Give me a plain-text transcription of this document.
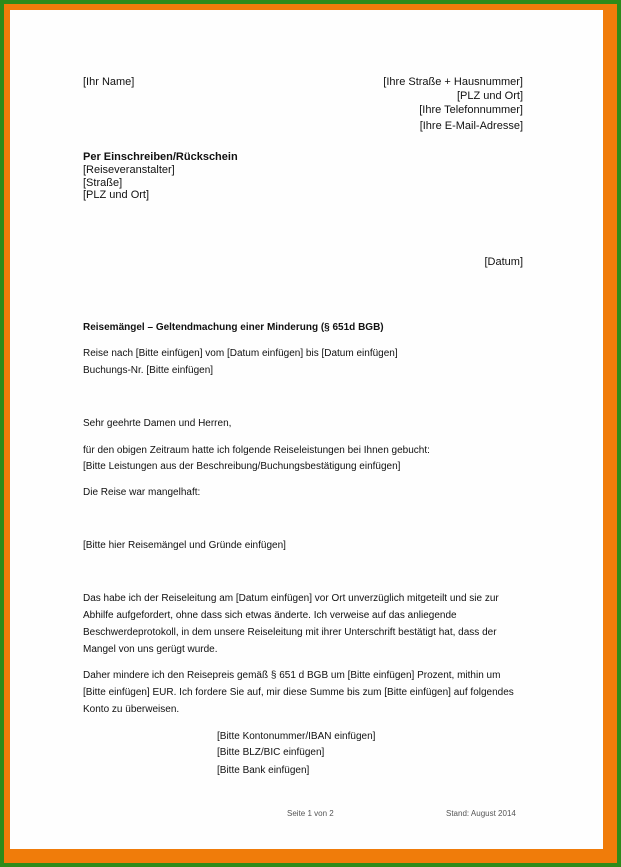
[Ihr Name]	[Ihre Straße + Hausnummer]
[PLZ und Ort]
[Ihre Telefonnummer]
[Ihre E-Mail-Adresse]
Per Einschreiben/Rückschein
[Reiseveranstalter]
[Straße]
[PLZ und Ort]
[Datum]
Reisemängel – Geltendmachung einer Minderung (§ 651d BGB)
Reise nach [Bitte einfügen] vom [Datum einfügen] bis [Datum einfügen]
Buchungs-Nr. [Bitte einfügen]
Sehr geehrte Damen und Herren,
für den obigen Zeitraum hatte ich folgende Reiseleistungen bei Ihnen gebucht:
[Bitte Leistungen aus der Beschreibung/Buchungsbestätigung einfügen]
Die Reise war mangelhaft:
[Bitte hier Reisemängel und Gründe einfügen]
Das habe ich der Reiseleitung am [Datum einfügen] vor Ort unverzüglich mitgeteilt und sie zur
Abhilfe aufgefordert, ohne dass sich etwas änderte. Ich verweise auf das anliegende
Beschwerdeprotokoll, in dem unsere Reiseleitung mit ihrer Unterschrift bestätigt hat, dass der
Mangel von uns gerügt wurde.
Daher mindere ich den Reisepreis gemäß § 651 d BGB um [Bitte einfügen] Prozent, mithin um
[Bitte einfügen] EUR. Ich fordere Sie auf, mir diese Summe bis zum [Bitte einfügen] auf folgendes
Konto zu überweisen.
[Bitte Kontonummer/IBAN einfügen]
[Bitte BLZ/BIC einfügen]
[Bitte Bank einfügen]
Seite 1 von 2	Stand: August 2014
